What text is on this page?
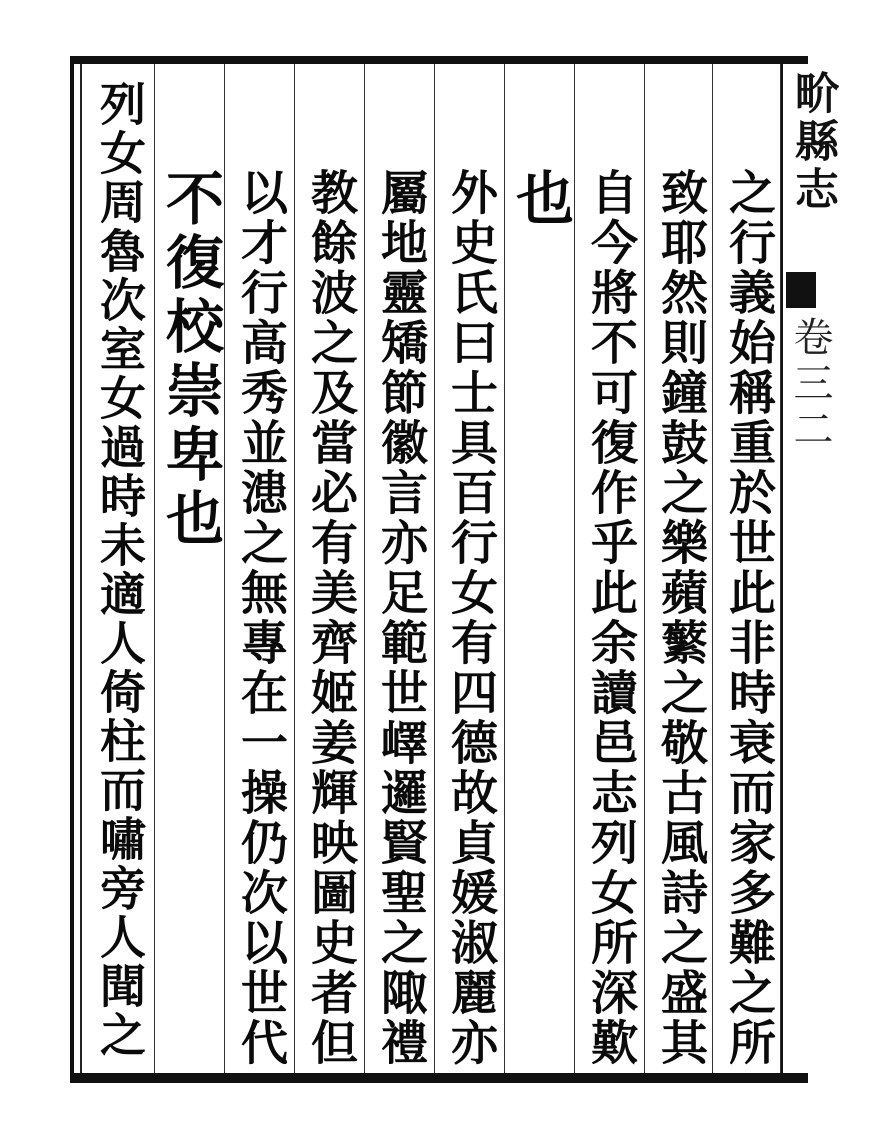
畍縣志
卷三二
之行義始稱重於世此非時衰而家多難之所
致耶然則鐘鼓之樂蘋蘩之敬古風詩之盛其
自今將不可復作乎此余讀邑志列女所深歎
也
外史氏曰士具百行女有四德故貞媛淑麗亦
屬地靈矯節徽言亦足範世嶧邏賢聖之陬禮
教餘波之及當必有美齊姬姜輝映圖史者但
以才行高秀並漶之無專在一操仍次以世代
不復校崇卑也
列女周魯次室女過時未適人倚柱而嘯旁人聞之
